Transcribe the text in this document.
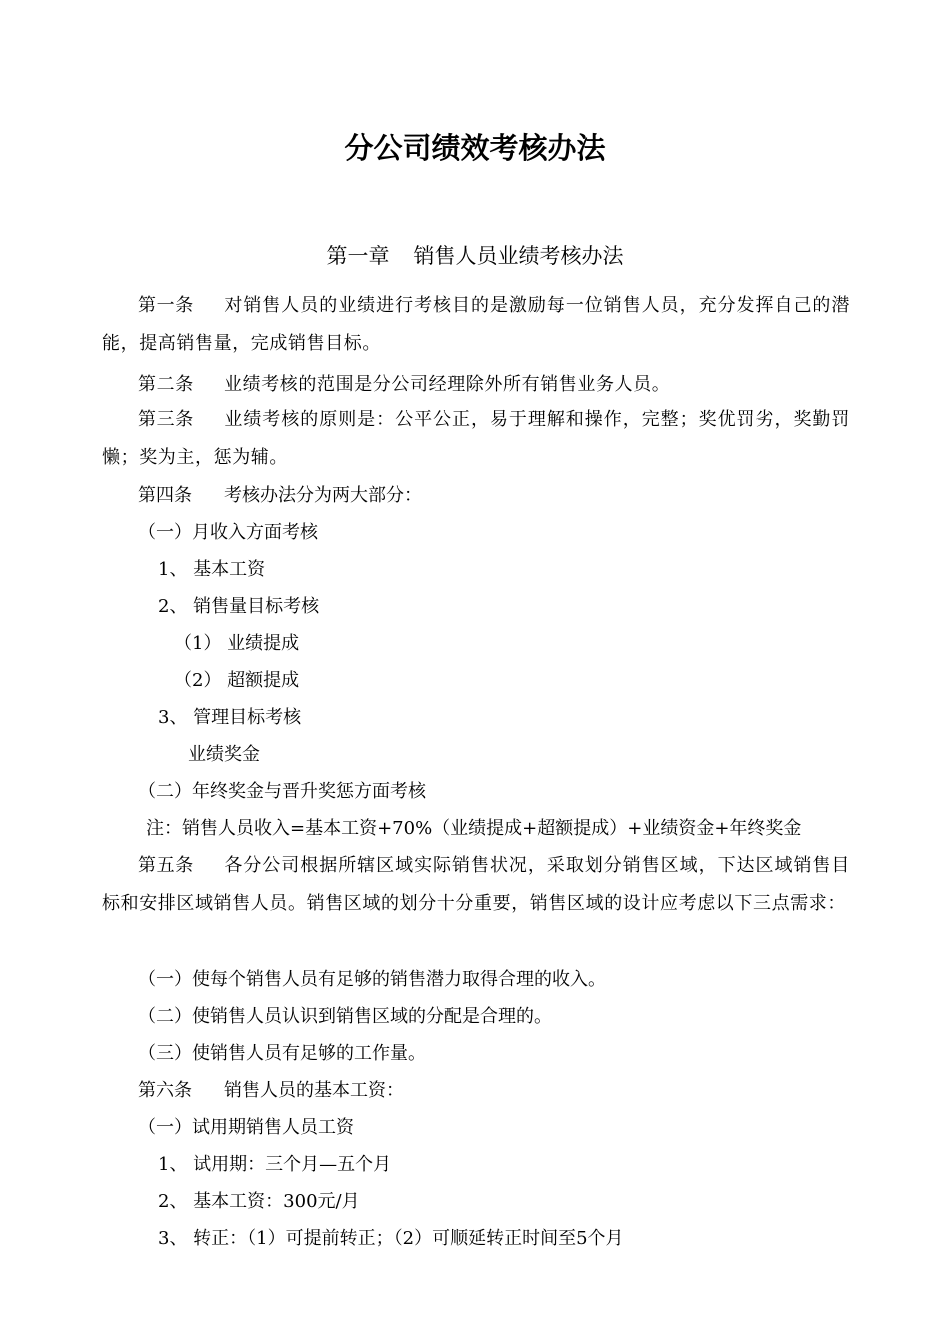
分公司绩效考核办法
第一章 销售人员业绩考核办法
第一条 对销售人员的业绩进行考核目的是激励每一位销售人员，充分发挥自己的潜能，提高销售量，完成销售目标。
第二条 业绩考核的范围是分公司经理除外所有销售业务人员。
第三条 业绩考核的原则是：公平公正，易于理解和操作，完整；奖优罚劣，奖勤罚懒；奖为主，惩为辅。
第四条 考核办法分为两大部分：
（一）月收入方面考核
1、 基本工资
2、 销售量目标考核
（1） 业绩提成
（2） 超额提成
3、 管理目标考核
业绩奖金
（二）年终奖金与晋升奖惩方面考核
注：销售人员收入=基本工资+70%（业绩提成+超额提成）+业绩资金+年终奖金
第五条 各分公司根据所辖区域实际销售状况，采取划分销售区域，下达区域销售目标和安排区域销售人员。销售区域的划分十分重要，销售区域的设计应考虑以下三点需求：
（一）使每个销售人员有足够的销售潜力取得合理的收入。
（二）使销售人员认识到销售区域的分配是合理的。
（三）使销售人员有足够的工作量。
第六条 销售人员的基本工资：
（一）试用期销售人员工资
1、 试用期：三个月—五个月
2、 基本工资：300元/月
3、 转正：（1）可提前转正；（2）可顺延转正时间至5个月
